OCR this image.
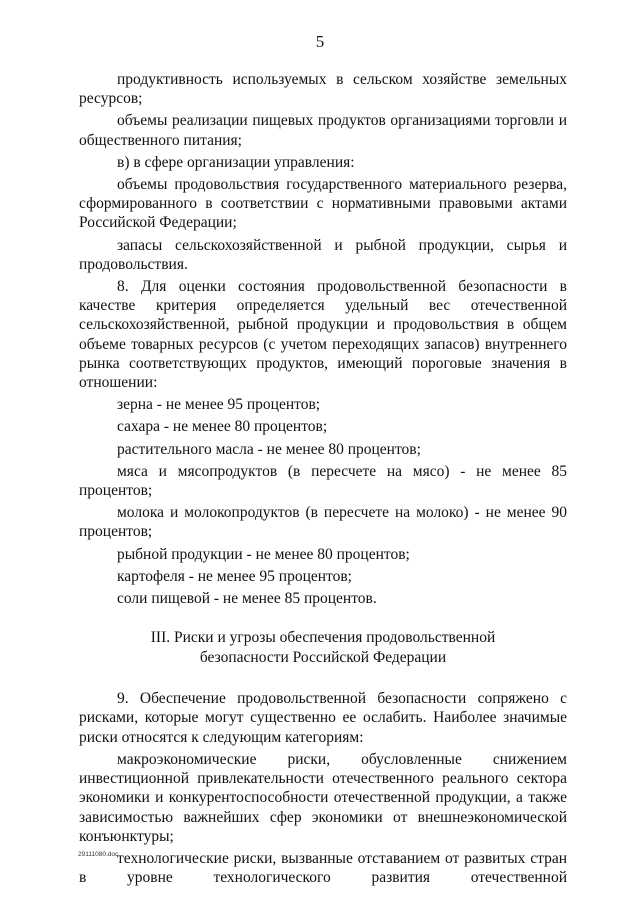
5

продуктивность используемых в сельском хозяйстве земельных ресурсов;

объемы реализации пищевых продуктов организациями торговли и общественного питания;

в) в сфере организации управления:

объемы продовольствия государственного материального резерва, сформированного в соответствии с нормативными правовыми актами Российской Федерации;

запасы сельскохозяйственной и рыбной продукции, сырья и продовольствия.

8. Для оценки состояния продовольственной безопасности в качестве критерия определяется удельный вес отечественной сельскохозяйственной, рыбной продукции и продовольствия в общем объеме товарных ресурсов (с учетом переходящих запасов) внутреннего рынка соответствующих продуктов, имеющий пороговые значения в отношении:

зерна - не менее 95 процентов;

сахара - не менее 80 процентов;

растительного масла - не менее 80 процентов;

мяса и мясопродуктов (в пересчете на мясо) - не менее 85 процентов;

молока и молокопродуктов (в пересчете на молоко) - не менее 90 процентов;

рыбной продукции - не менее 80 процентов;

картофеля - не менее 95 процентов;

соли пищевой - не менее 85 процентов.

III. Риски и угрозы обеспечения продовольственной
безопасности Российской Федерации

9. Обеспечение продовольственной безопасности сопряжено с рисками, которые могут существенно ее ослабить. Наиболее значимые риски относятся к следующим категориям:

макроэкономические риски, обусловленные снижением инвестиционной привлекательности отечественного реального сектора экономики и конкурентоспособности отечественной продукции, а также зависимостью важнейших сфер экономики от внешнеэкономической конъюнктуры;

технологические риски, вызванные отставанием от развитых стран в уровне технологического развития отечественной

29111080.doc
